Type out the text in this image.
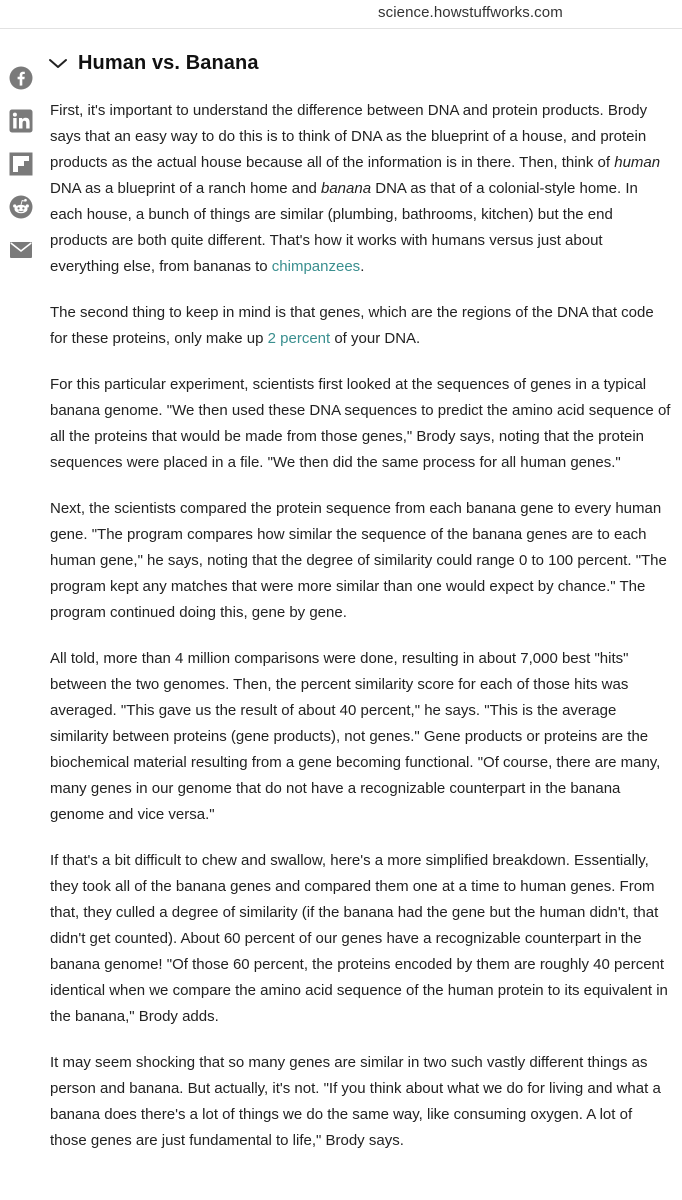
science.howstuffworks.com
Human vs. Banana

First, it's important to understand the difference between DNA and protein products. Brody says that an easy way to do this is to think of DNA as the blueprint of a house, and protein products as the actual house because all of the information is in there. Then, think of human DNA as a blueprint of a ranch home and banana DNA as that of a colonial-style home. In each house, a bunch of things are similar (plumbing, bathrooms, kitchen) but the end products are both quite different. That's how it works with humans versus just about everything else, from bananas to chimpanzees.

The second thing to keep in mind is that genes, which are the regions of the DNA that code for these proteins, only make up 2 percent of your DNA.

For this particular experiment, scientists first looked at the sequences of genes in a typical banana genome. "We then used these DNA sequences to predict the amino acid sequence of all the proteins that would be made from those genes," Brody says, noting that the protein sequences were placed in a file. "We then did the same process for all human genes."

Next, the scientists compared the protein sequence from each banana gene to every human gene. "The program compares how similar the sequence of the banana genes are to each human gene," he says, noting that the degree of similarity could range 0 to 100 percent. "The program kept any matches that were more similar than one would expect by chance." The program continued doing this, gene by gene.

All told, more than 4 million comparisons were done, resulting in about 7,000 best "hits" between the two genomes. Then, the percent similarity score for each of those hits was averaged. "This gave us the result of about 40 percent," he says. "This is the average similarity between proteins (gene products), not genes." Gene products or proteins are the biochemical material resulting from a gene becoming functional. "Of course, there are many, many genes in our genome that do not have a recognizable counterpart in the banana genome and vice versa."

If that's a bit difficult to chew and swallow, here's a more simplified breakdown. Essentially, they took all of the banana genes and compared them one at a time to human genes. From that, they culled a degree of similarity (if the banana had the gene but the human didn't, that didn't get counted). About 60 percent of our genes have a recognizable counterpart in the banana genome! "Of those 60 percent, the proteins encoded by them are roughly 40 percent identical when we compare the amino acid sequence of the human protein to its equivalent in the banana," Brody adds.

It may seem shocking that so many genes are similar in two such vastly different things as person and banana. But actually, it's not. "If you think about what we do for living and what a banana does there's a lot of things we do the same way, like consuming oxygen. A lot of those genes are just fundamental to life," Brody says.
